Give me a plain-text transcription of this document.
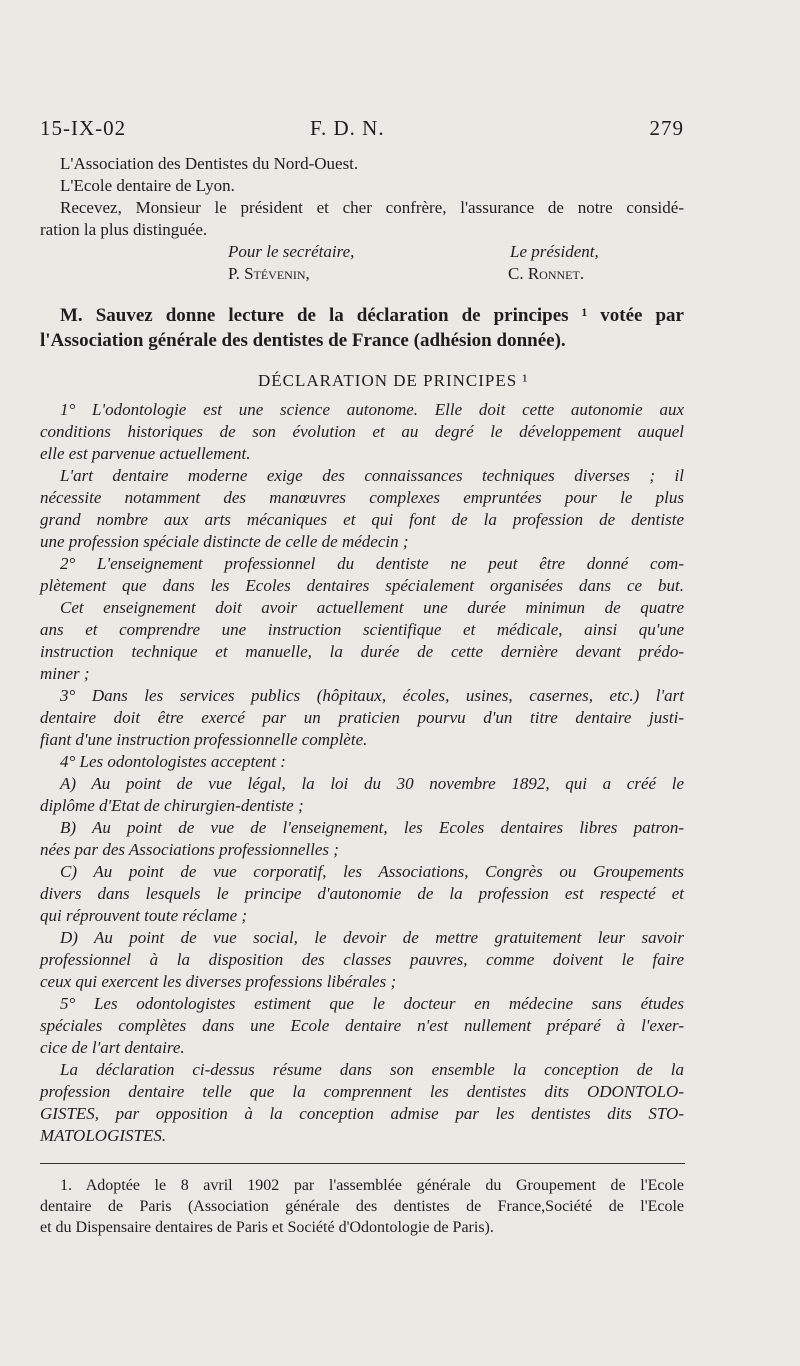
15-IX-02	F. D. N.	279
L'Association des Dentistes du Nord-Ouest.
L'Ecole dentaire de Lyon.
Recevez, Monsieur le président et cher confrère, l'assurance de notre considé-
ration la plus distinguée.
Pour le secrétaire,	Le président,
P. Stévenin,	C. Ronnet.
M. Sauvez donne lecture de la déclaration de principes ¹ votée par
l'Association générale des dentistes de France (adhésion donnée).
DÉCLARATION DE PRINCIPES ¹
1° L'odontologie est une science autonome. Elle doit cette autonomie aux
conditions historiques de son évolution et au degré le développement auquel
elle est parvenue actuellement.
L'art dentaire moderne exige des connaissances techniques diverses ; il
nécessite notamment des manœuvres complexes empruntées pour le plus
grand nombre aux arts mécaniques et qui font de la profession de dentiste
une profession spéciale distincte de celle de médecin ;
2° L'enseignement professionnel du dentiste ne peut être donné com-
plètement que dans les Ecoles dentaires spécialement organisées dans ce but.
Cet enseignement doit avoir actuellement une durée minimun de quatre
ans et comprendre une instruction scientifique et médicale, ainsi qu'une
instruction technique et manuelle, la durée de cette dernière devant prédo-
miner ;
3° Dans les services publics (hôpitaux, écoles, usines, casernes, etc.) l'art
dentaire doit être exercé par un praticien pourvu d'un titre dentaire justi-
fiant d'une instruction professionnelle complète.
4° Les odontologistes acceptent :
A) Au point de vue légal, la loi du 30 novembre 1892, qui a créé le
diplôme d'Etat de chirurgien-dentiste ;
B) Au point de vue de l'enseignement, les Ecoles dentaires libres patron-
nées par des Associations professionnelles ;
C) Au point de vue corporatif, les Associations, Congrès ou Groupements
divers dans lesquels le principe d'autonomie de la profession est respecté et
qui réprouvent toute réclame ;
D) Au point de vue social, le devoir de mettre gratuitement leur savoir
professionnel à la disposition des classes pauvres, comme doivent le faire
ceux qui exercent les diverses professions libérales ;
5° Les odontologistes estiment que le docteur en médecine sans études
spéciales complètes dans une Ecole dentaire n'est nullement préparé à l'exer-
cice de l'art dentaire.
La déclaration ci-dessus résume dans son ensemble la conception de la
profession dentaire telle que la comprennent les dentistes dits ODONTOLO-
GISTES, par opposition à la conception admise par les dentistes dits STO-
MATOLOGISTES.
1. Adoptée le 8 avril 1902 par l'assemblée générale du Groupement de l'Ecole
dentaire de Paris (Association générale des dentistes de France,Société de l'Ecole
et du Dispensaire dentaires de Paris et Société d'Odontologie de Paris).
